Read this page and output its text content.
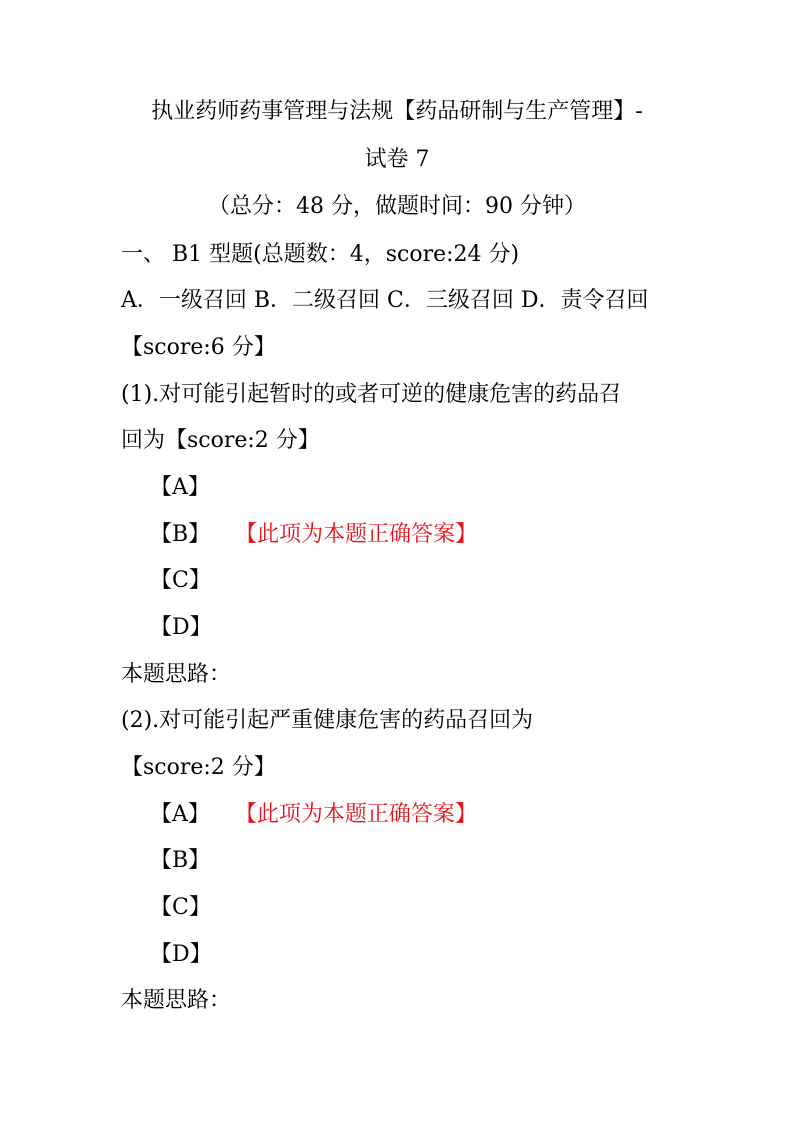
执业药师药事管理与法规【药品研制与生产管理】-
试卷 7
（总分：48 分，做题时间：90 分钟）
一、 B1 型题(总题数：4，score:24 分)
A．一级召回 B．二级召回 C．三级召回 D．责令召回
【score:6 分】
(1).对可能引起暂时的或者可逆的健康危害的药品召
回为【score:2 分】
【A】
【B】 【此项为本题正确答案】
【C】
【D】
本题思路：
(2).对可能引起严重健康危害的药品召回为
【score:2 分】
【A】 【此项为本题正确答案】
【B】
【C】
【D】
本题思路：
